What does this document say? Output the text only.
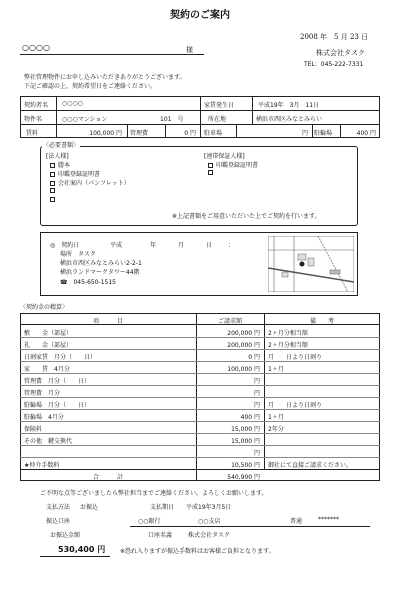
契約のご案内
2008 年　5 月 23 日
○○○○	様	株式会社タスク
TEL：045-222-7331
弊社管理物件にお申し込みいただきありがとうございます。
下記ご確認の上、契約希望日をご連絡ください。
契約者名 ○○○○	家賃発生日	平成19年　3月　11日
物件名	○○○マンション	101　号	所在地	横浜市西区みなとみらい
賃料	100,000 円 管理費	0 円 駐車場	円 駐輪場	400 円
〈必要書類〉
[法人様]
謄本
印鑑登録証明書
会社案内（パンフレット）
[連帯保証人様]
印鑑登録証明書
※上記書類をご用意いただいた上でご契約を行います。
◎　契約日	平成	年	月	日	：
場所　タスク
横浜市西区みなとみらい2-2-1
横浜ランドマークタワー44階
☎　045-650-1515
〈契約金の精算〉
項　　　目	ご請求額	備　　考
敷　　金（部屋）	200,000 円 2ヶ月分相当額
礼　　金（部屋）	200,000 円 2ヶ月分相当額
日割家賃　月分（　　日）	0 円 月　　日より日割り
家　　賃　4月分	100,000 円 1ヶ月
管理費　月分（　　日）	円
管理費　月分	円
駐輪場　月分（　　日）	円 月　　日より日割り
駐輪場　4月分	400 円 1ヶ月
保険料	15,000 円 2年分
その他　鍵交換代	15,000 円
円
★仲介手数料	10,500 円 御社にて直接ご請求ください。
合　　　計	540,900 円
ご不明な点等ございましたら弊社担当までご連絡ください。よろしくお願いします。
支払方法 お振込	支払期日 平成19年3月5日
振込口座	○○銀行	○○支店	普通	*******
お振込金額	口座名義	株式会社タスク
530,400 円 ※恐れ入りますが振込手数料はお客様ご負担となります。
